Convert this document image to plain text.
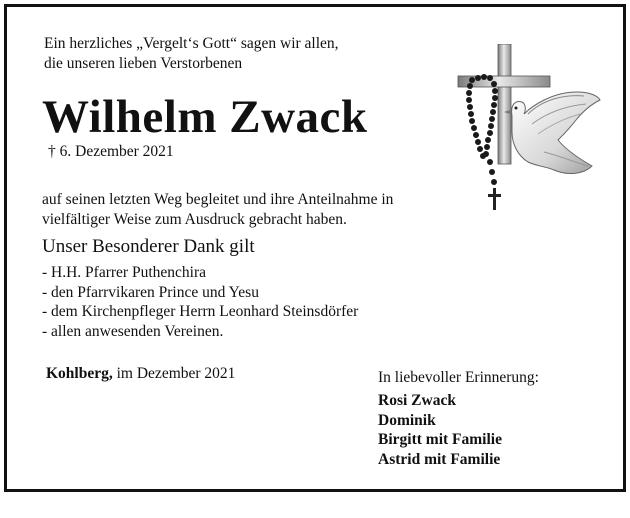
Ein herzliches „Vergelt‘s Gott“ sagen wir allen,
die unseren lieben Verstorbenen
Wilhelm Zwack
† 6. Dezember 2021
auf seinen letzten Weg begleitet und ihre Anteilnahme in
vielfältiger Weise zum Ausdruck gebracht haben.
Unser Besonderer Dank gilt
- H.H. Pfarrer Puthenchira
- den Pfarrvikaren Prince und Yesu
- dem Kirchenpfleger Herrn Leonhard Steinsdörfer
- allen anwesenden Vereinen.
Kohlberg, im Dezember 2021	In liebevoller Erinnerung:
Rosi Zwack
Dominik
Birgitt mit Familie
Astrid mit Familie
